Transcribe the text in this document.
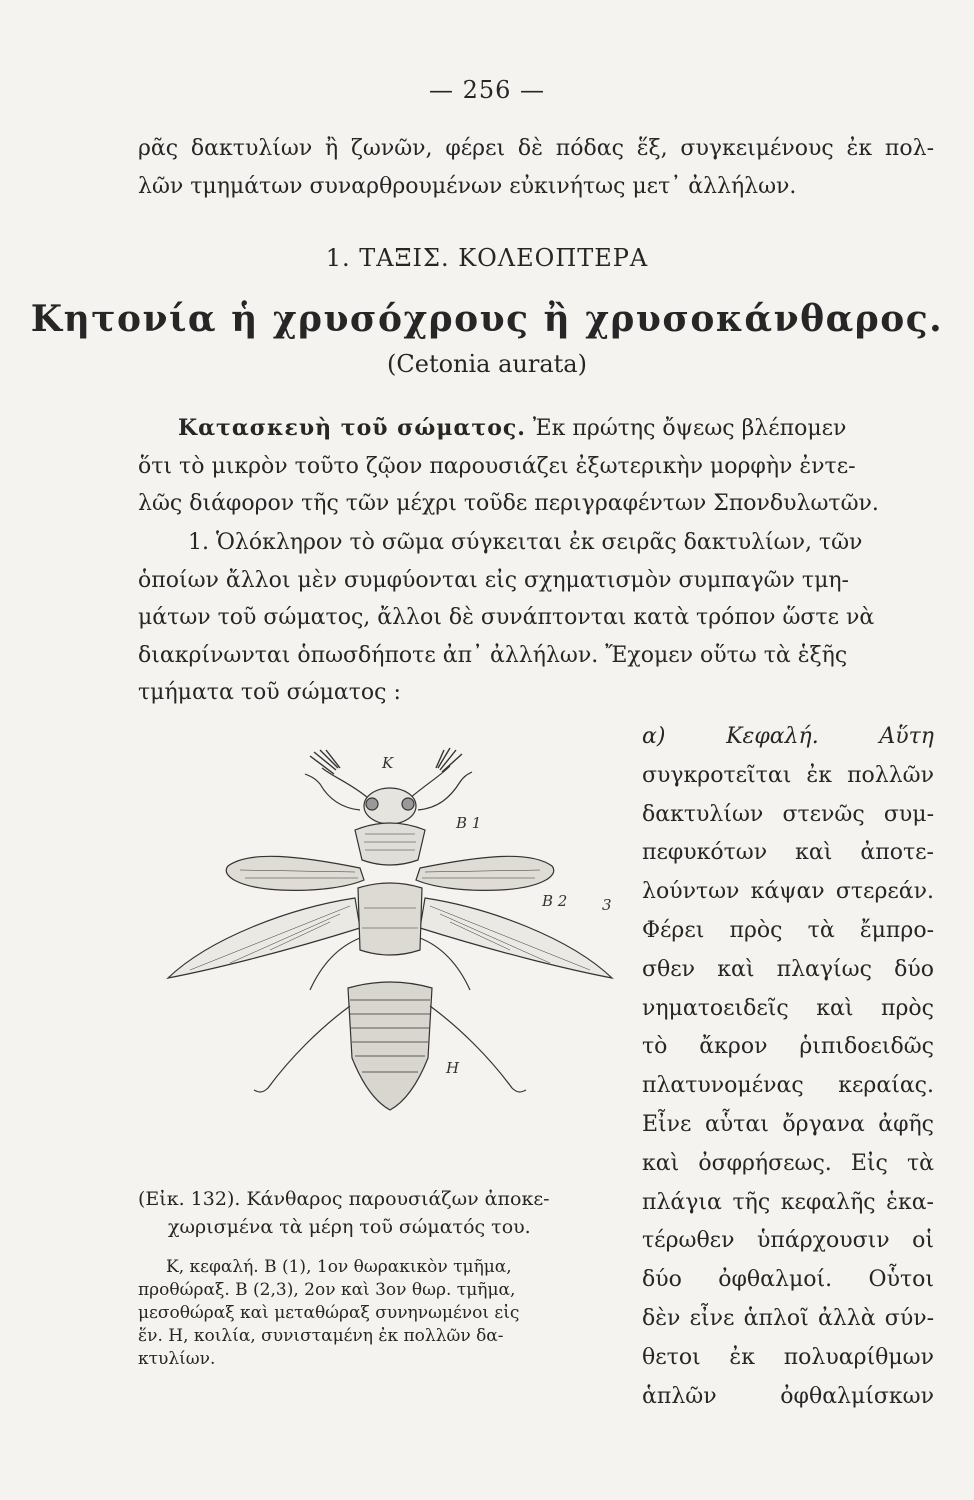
— 256 —
ρᾶς δακτυλίων ἢ ζωνῶν, φέρει δὲ πόδας ἕξ, συγκειμένους ἐκ πολ-
λῶν τμημάτων συναρθρουμένων εὐκινήτως μετ᾽ ἀλλήλων.
1. ΤΑΞΙΣ. ΚΟΛΕΟΠΤΕΡΑ
Κητονία ἡ χρυσόχρους ἢ χρυσοκάνθαρος.
(Cetonia aurata)
Κατασκευὴ τοῦ σώματος. Ἐκ πρώτης ὄψεως βλέπομεν
ὅτι τὸ μικρὸν τοῦτο ζῷον παρουσιάζει ἐξωτερικὴν μορφὴν ἐντε-
λῶς διάφορον τῆς τῶν μέχρι τοῦδε περιγραφέντων Σπονδυλωτῶν.
1. Ὁλόκληρον τὸ σῶμα σύγκειται ἐκ σειρᾶς δακτυλίων, τῶν
ὁποίων ἄλλοι μὲν συμφύονται εἰς σχηματισμὸν συμπαγῶν τμη-
μάτων τοῦ σώματος, ἄλλοι δὲ συνάπτονται κατὰ τρόπον ὥστε νὰ
διακρίνωνται ὁπωσδήποτε ἀπ᾽ ἀλλήλων. Ἔχομεν οὕτω τὰ ἑξῆς
τμήματα τοῦ σώματος :
α) Κεφαλή. Αὕτη
συγκροτεῖται ἐκ πολλῶν
δακτυλίων στενῶς συμ-
πεφυκότων καὶ ἀποτε-
λούντων κάψαν στερεάν.
Φέρει πρὸς τὰ ἔμπρο-
σθεν καὶ πλαγίως δύο
νηματοειδεῖς καὶ πρὸς
τὸ ἄκρον ῥιπιδοειδῶς
πλατυνομένας κεραίας.
Εἶνε αὗται ὄργανα ἀφῆς
καὶ ὀσφρήσεως. Εἰς τὰ
πλάγια τῆς κεφαλῆς ἑκα-
τέρωθεν ὑπάρχουσιν οἱ
δύο ὀφθαλμοί. Οὗτοι
δὲν εἶνε ἁπλοῖ ἀλλὰ σύν-
θετοι ἐκ πολυαρίθμων
ἁπλῶν ὀφθαλμίσκων
Κ
Β 1
Β 2 3
Η
(Εἰκ. 132). Κάνθαρος παρουσιάζων ἀποκε-
χωρισμένα τὰ μέρη τοῦ σώματός του.
Κ, κεφαλή. Β (1), 1ον θωρακικὸν τμῆμα,
προθώραξ. Β (2,3), 2ον καὶ 3ον θωρ. τμῆμα,
μεσοθώραξ καὶ μεταθώραξ συνηνωμένοι εἰς
ἕν. Η, κοιλία, συνισταμένη ἐκ πολλῶν δα-
κτυλίων.
